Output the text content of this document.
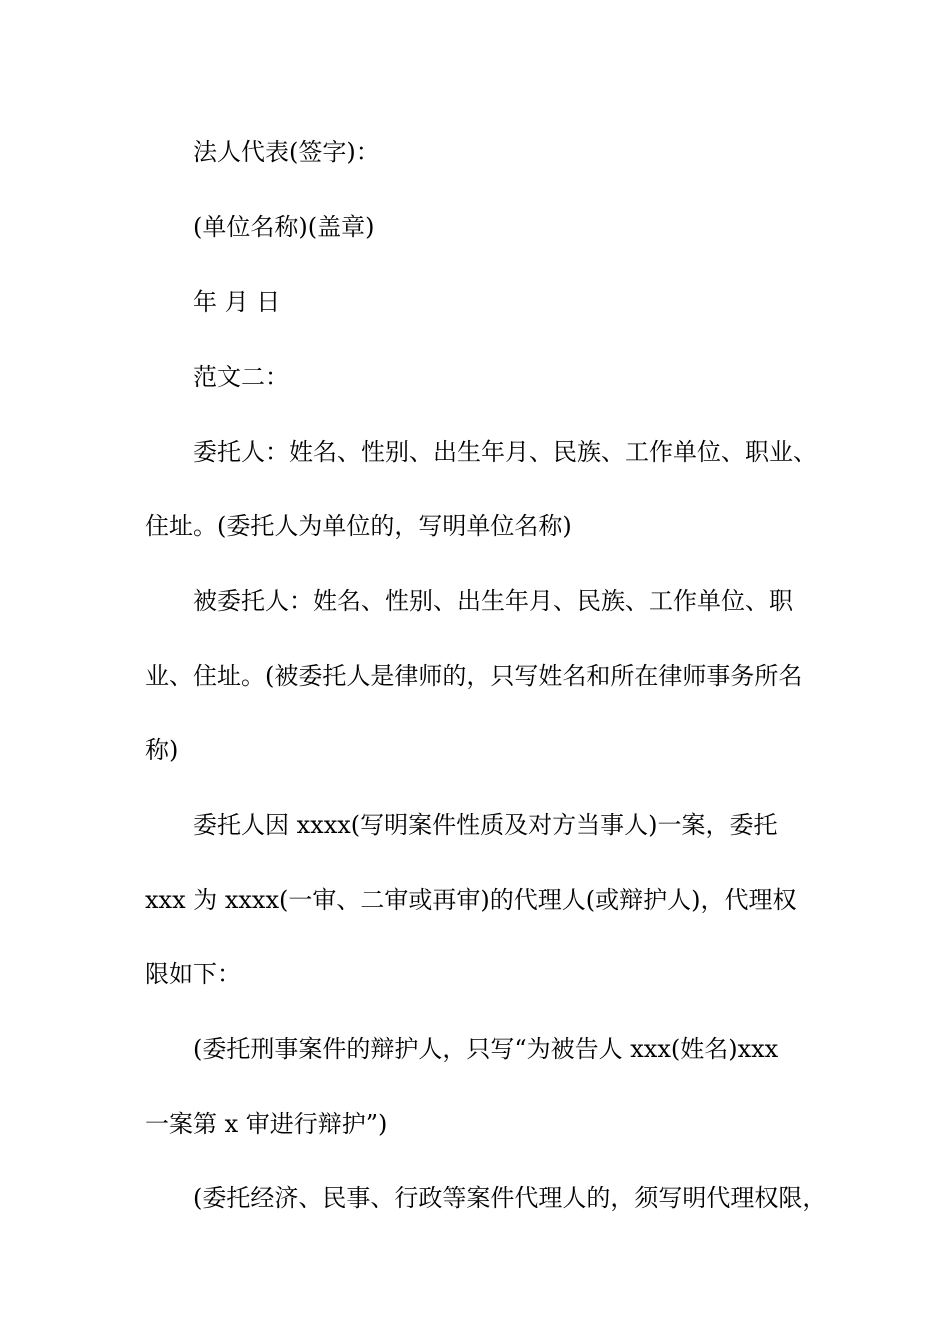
法人代表(签字)：
(单位名称)(盖章)
年 月 日
范文二：
委托人：姓名、性别、出生年月、民族、工作单位、职业、
住址。(委托人为单位的，写明单位名称)
被委托人：姓名、性别、出生年月、民族、工作单位、职
业、住址。(被委托人是律师的，只写姓名和所在律师事务所名
称)
委托人因 xxxx(写明案件性质及对方当事人)一案，委托
xxx 为 xxxx(一审、二审或再审)的代理人(或辩护人)，代理权
限如下：
(委托刑事案件的辩护人，只写“为被告人 xxx(姓名)xxx
一案第 x 审进行辩护”)
(委托经济、民事、行政等案件代理人的，须写明代理权限，
